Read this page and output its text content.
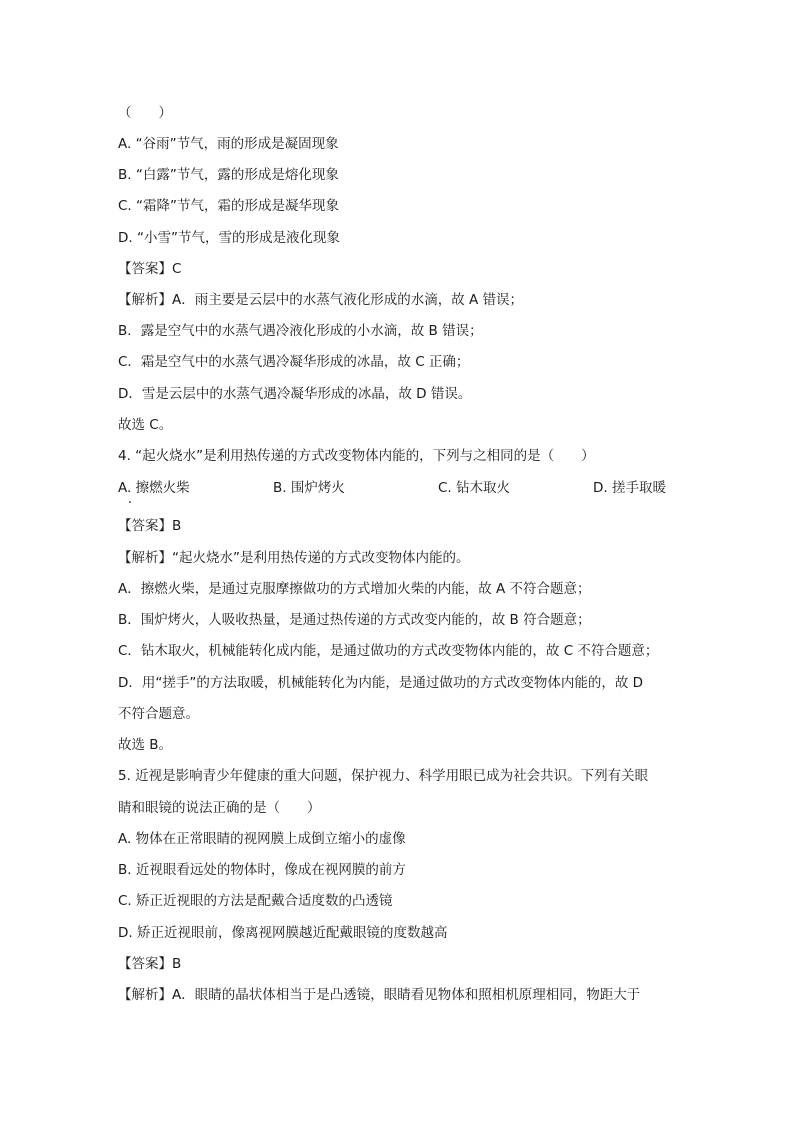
（　　）
A. “谷雨”节气，雨的形成是凝固现象
B. “白露”节气，露的形成是熔化现象
C. “霜降”节气，霜的形成是凝华现象
D. “小雪”节气，雪的形成是液化现象
【答案】C
【解析】A．雨主要是云层中的水蒸气液化形成的水滴，故 A 错误；
B．露是空气中的水蒸气遇冷液化形成的小水滴，故 B 错误；
C．霜是空气中的水蒸气遇冷凝华形成的冰晶，故 C 正确；
D．雪是云层中的水蒸气遇冷凝华形成的冰晶，故 D 错误。
故选 C。
4. “起火烧水”是利用热传递的方式改变物体内能的，下列与之相同的是（　　）
A. 擦燃火柴	B. 围炉烤火	C. 钻木取火	D. 搓手取暖
【答案】B
【解析】“起火烧水”是利用热传递的方式改变物体内能的。
A．擦燃火柴，是通过克服摩擦做功的方式增加火柴的内能，故 A 不符合题意；
B．围炉烤火，人吸收热量，是通过热传递的方式改变内能的，故 B 符合题意；
C．钻木取火，机械能转化成内能，是通过做功的方式改变物体内能的，故 C 不符合题意；
D．用“搓手”的方法取暖，机械能转化为内能，是通过做功的方式改变物体内能的，故 D
不符合题意。
故选 B。
5. 近视是影响青少年健康的重大问题，保护视力、科学用眼已成为社会共识。下列有关眼
睛和眼镜的说法正确的是（　　）
A. 物体在正常眼睛的视网膜上成倒立缩小的虚像
B. 近视眼看远处的物体时，像成在视网膜的前方
C. 矫正近视眼的方法是配戴合适度数的凸透镜
D. 矫正近视眼前，像离视网膜越近配戴眼镜的度数越高
【答案】B
【解析】A．眼睛的晶状体相当于是凸透镜，眼睛看见物体和照相机原理相同，物距大于
